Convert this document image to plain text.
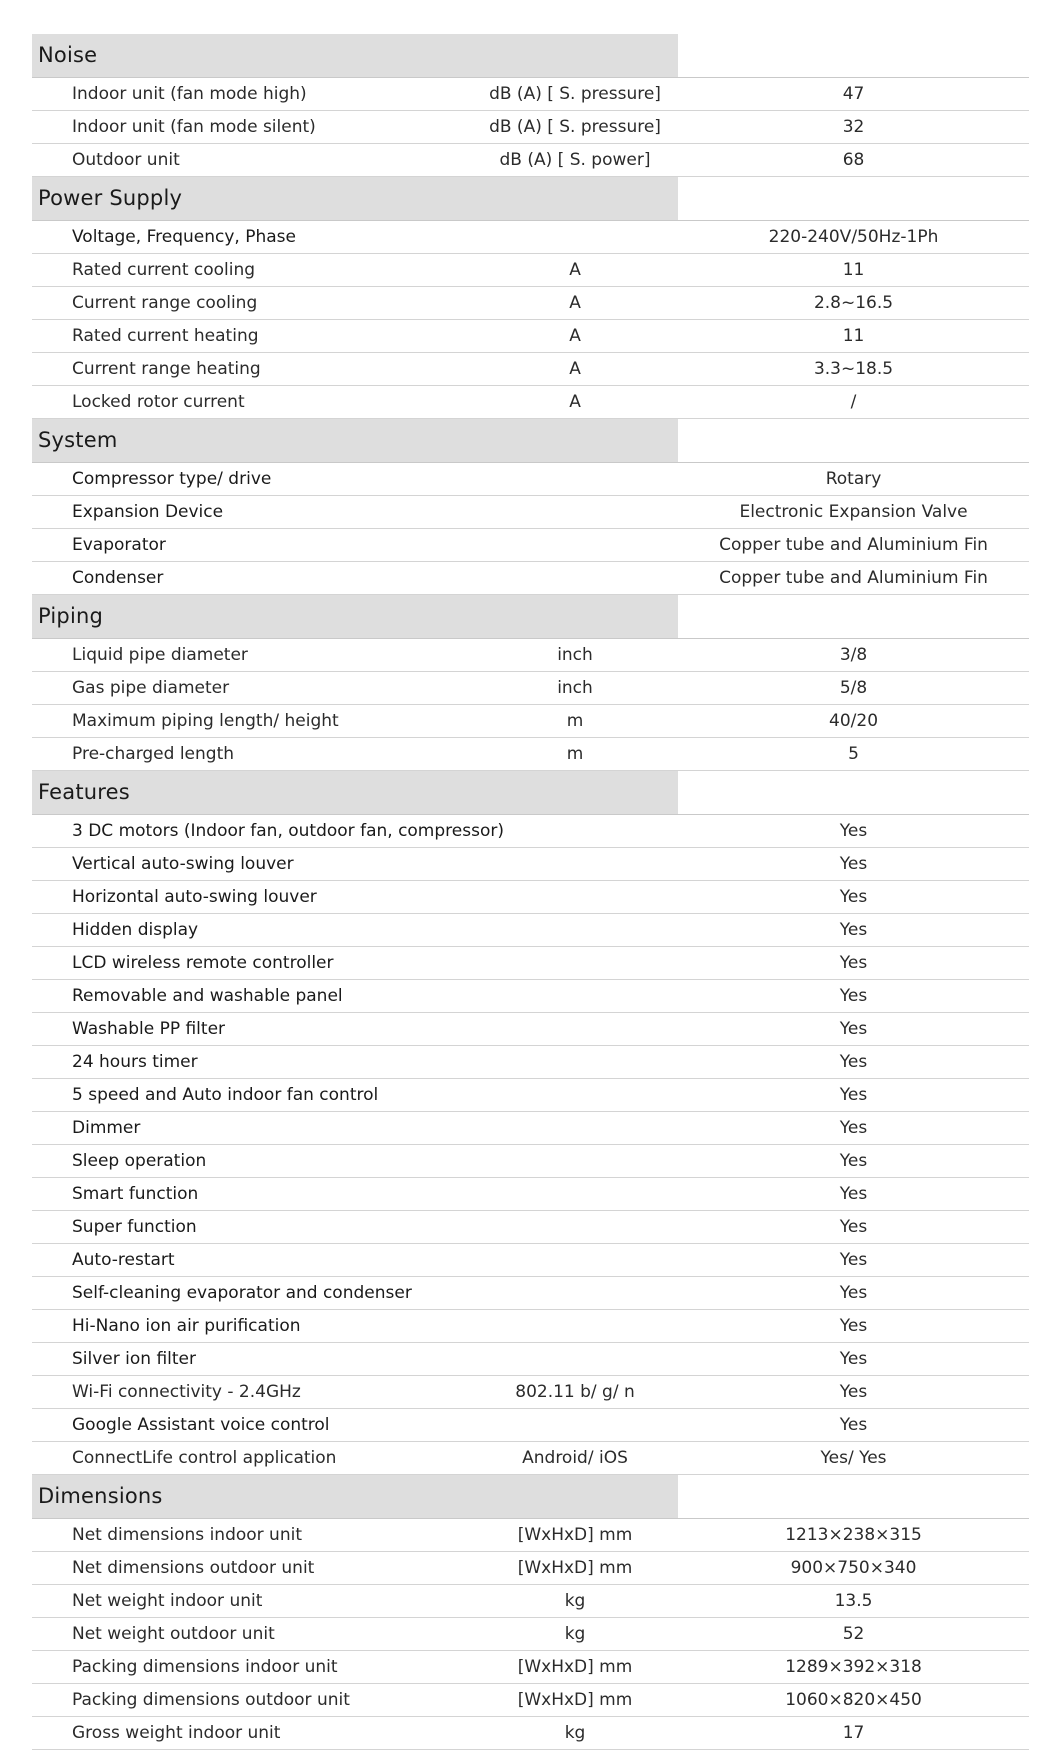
Noise		
Indoor unit (fan mode high)	dB (A) [ S. pressure]	47
Indoor unit (fan mode silent)	dB (A) [ S. pressure]	32
Outdoor unit	dB (A) [ S. power]	68
Power Supply		
Voltage, Frequency, Phase		220-240V/50Hz-1Ph
Rated current cooling	A	11
Current range cooling	A	2.8~16.5
Rated current heating	A	11
Current range heating	A	3.3~18.5
Locked rotor current	A	/
System		
Compressor type/ drive		Rotary
Expansion Device		Electronic Expansion Valve
Evaporator		Copper tube and Aluminium Fin
Condenser		Copper tube and Aluminium Fin
Piping		
Liquid pipe diameter	inch	3/8
Gas pipe diameter	inch	5/8
Maximum piping length/ height	m	40/20
Pre-charged length	m	5
Features		
3 DC motors (Indoor fan, outdoor fan, compressor)		Yes
Vertical auto-swing louver		Yes
Horizontal auto-swing louver		Yes
Hidden display		Yes
LCD wireless remote controller		Yes
Removable and washable panel		Yes
Washable PP filter		Yes
24 hours timer		Yes
5 speed and Auto indoor fan control		Yes
Dimmer		Yes
Sleep operation		Yes
Smart function		Yes
Super function		Yes
Auto-restart		Yes
Self-cleaning evaporator and condenser		Yes
Hi-Nano ion air purification		Yes
Silver ion filter		Yes
Wi-Fi connectivity - 2.4GHz	802.11 b/ g/ n	Yes
Google Assistant voice control		Yes
ConnectLife control application	Android/ iOS	Yes/ Yes
Dimensions		
Net dimensions indoor unit	[WxHxD] mm	1213×238×315
Net dimensions outdoor unit	[WxHxD] mm	900×750×340
Net weight indoor unit	kg	13.5
Net weight outdoor unit	kg	52
Packing dimensions indoor unit	[WxHxD] mm	1289×392×318
Packing dimensions outdoor unit	[WxHxD] mm	1060×820×450
Gross weight indoor unit	kg	17
